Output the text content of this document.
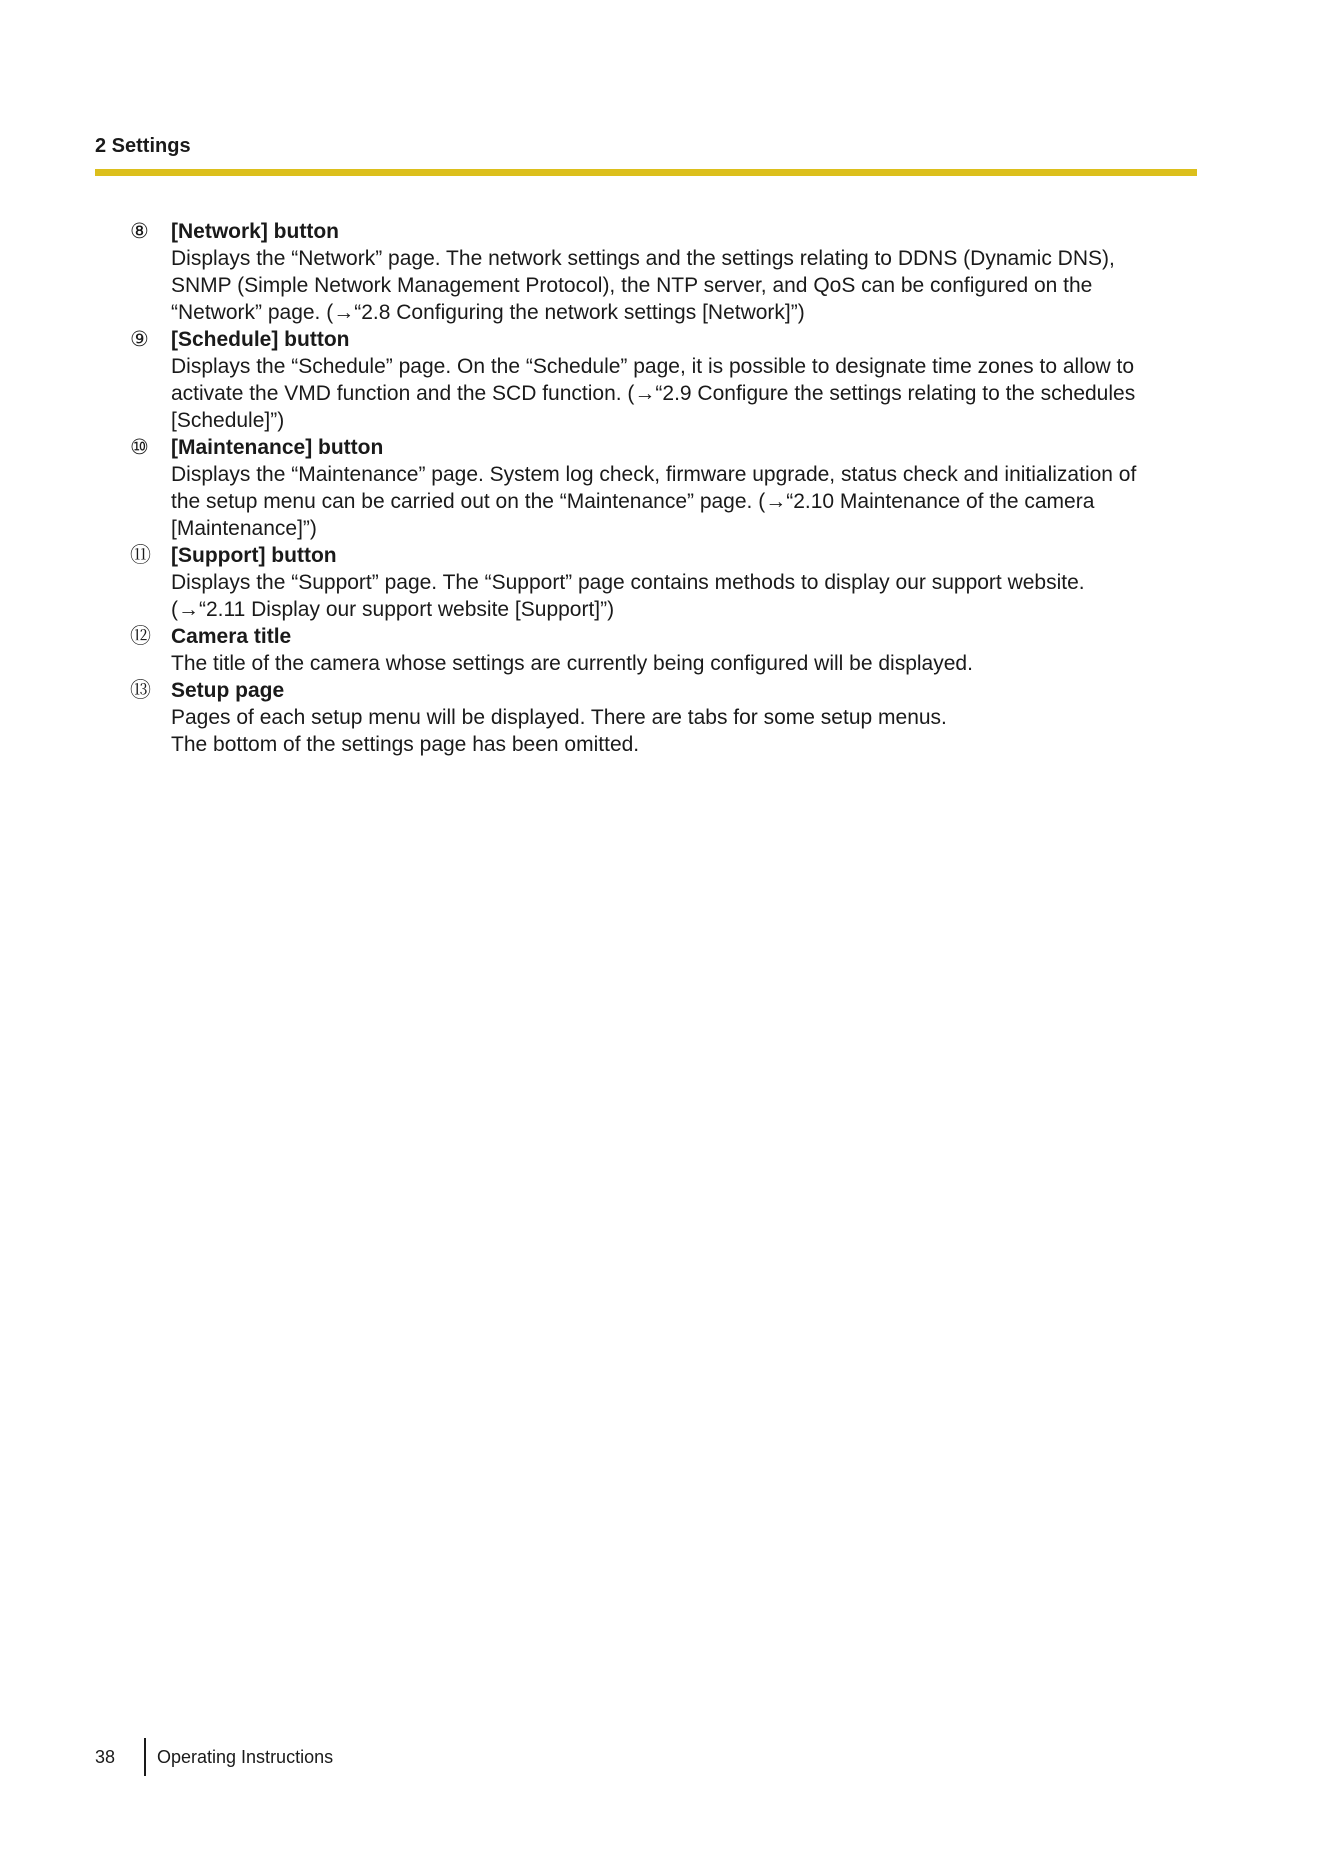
2 Settings
⑧	[Network] button
Displays the “Network” page. The network settings and the settings relating to DDNS (Dynamic DNS),
SNMP (Simple Network Management Protocol), the NTP server, and QoS can be configured on the
“Network” page. (→“2.8 Configuring the network settings [Network]”)
⑨	[Schedule] button
Displays the “Schedule” page. On the “Schedule” page, it is possible to designate time zones to allow to
activate the VMD function and the SCD function. (→“2.9 Configure the settings relating to the schedules
[Schedule]”)
⑩	[Maintenance] button
Displays the “Maintenance” page. System log check, firmware upgrade, status check and initialization of
the setup menu can be carried out on the “Maintenance” page. (→“2.10 Maintenance of the camera
[Maintenance]”)
⑪ [Support] button
Displays the “Support” page. The “Support” page contains methods to display our support website.
(→“2.11 Display our support website [Support]”)
⑫ Camera title
The title of the camera whose settings are currently being configured will be displayed.
⑬ Setup page
Pages of each setup menu will be displayed. There are tabs for some setup menus.
The bottom of the settings page has been omitted.
38 Operating Instructions
